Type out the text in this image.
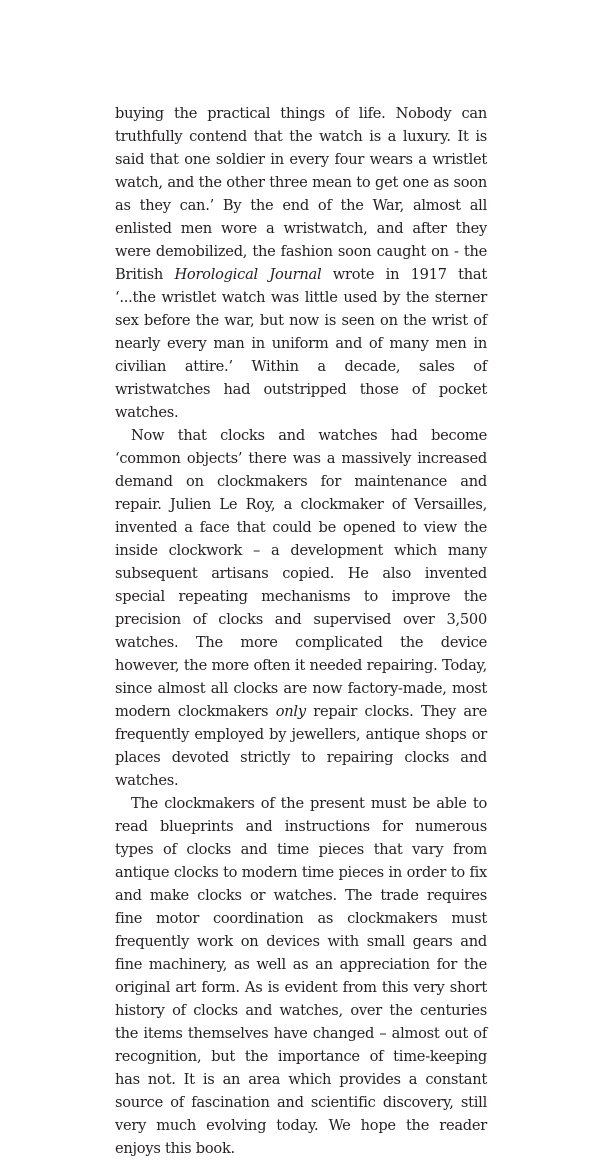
buying the practical things of life. Nobody can truthfully contend that the watch is a luxury. It is said that one soldier in every four wears a wristlet watch, and the other three mean to get one as soon as they can.’ By the end of the War, almost all enlisted men wore a wristwatch, and after they were demobilized, the fashion soon caught on - the British Horological Journal wrote in 1917 that ‘...the wristlet watch was little used by the sterner sex before the war, but now is seen on the wrist of nearly every man in uniform and of many men in civilian attire.’ Within a decade, sales of wristwatches had outstripped those of pocket watches.

Now that clocks and watches had become ‘common objects’ there was a massively increased demand on clockmakers for maintenance and repair. Julien Le Roy, a clockmaker of Versailles, invented a face that could be opened to view the inside clockwork – a development which many subsequent artisans copied. He also invented special repeating mechanisms to improve the precision of clocks and supervised over 3,500 watches. The more complicated the device however, the more often it needed repairing. Today, since almost all clocks are now factory-made, most modern clockmakers only repair clocks. They are frequently employed by jewellers, antique shops or places devoted strictly to repairing clocks and watches.

The clockmakers of the present must be able to read blueprints and instructions for numerous types of clocks and time pieces that vary from antique clocks to modern time pieces in order to fix and make clocks or watches. The trade requires fine motor coordination as clockmakers must frequently work on devices with small gears and fine machinery, as well as an appreciation for the original art form. As is evident from this very short history of clocks and watches, over the centuries the items themselves have changed – almost out of recognition, but the importance of time-keeping has not. It is an area which provides a constant source of fascination and scientific discovery, still very much evolving today. We hope the reader enjoys this book.
